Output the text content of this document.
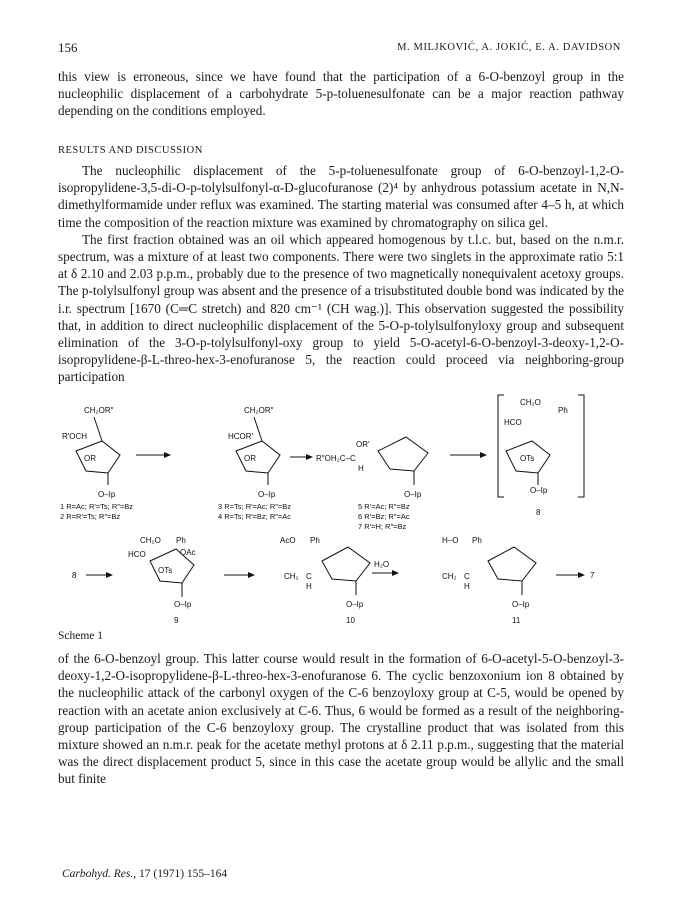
156	M. MILJKOVIĆ, A. JOKIĆ, E. A. DAVIDSON

this view is erroneous, since we have found that the participation of a 6-O-benzoyl group in the nucleophilic displacement of a carbohydrate 5-p-toluenesulfonate can be a major reaction pathway depending on the conditions employed.

RESULTS AND DISCUSSION

The nucleophilic displacement of the 5-p-toluenesulfonate group of 6-O-benzoyl-1,2-O-isopropylidene-3,5-di-O-p-tolylsulfonyl-α-D-glucofuranose (2)⁴ by anhydrous potassium acetate in N,N-dimethylformamide under reflux was examined. The starting material was consumed after 4–5 h, at which time the composition of the reaction mixture was examined by chromatography on silica gel.

The first fraction obtained was an oil which appeared homogenous by t.l.c. but, based on the n.m.r. spectrum, was a mixture of at least two components. There were two singlets in the approximate ratio 5:1 at δ 2.10 and 2.03 p.p.m., probably due to the presence of two magnetically nonequivalent acetoxy groups. The p-tolylsulfonyl group was absent and the presence of a trisubstituted double bond was indicated by the i.r. spectrum [1670 (C═C stretch) and 820 cm⁻¹ (CH wag.)]. This observation suggested the possibility that, in addition to direct nucleophilic displacement of the 5-O-p-tolylsulfonyloxy group and subsequent elimination of the 3-O-p-tolylsulfonyl-oxy group to yield 5-O-acetyl-6-O-benzoyl-3-deoxy-1,2-O-isopropylidene-β-L-threo-hex-3-enofuranose 5, the reaction could proceed via neighboring-group participation

CH₂OR″
R′OCH
OR
O–Ip
1 R=Ac; R′=Ts; R″=Bz
2 R=R′=Ts; R″=Bz
CH₂OR″
HCOR′
OR
O–Ip
3 R=Ts; R′=Ac; R″=Bz
4 R=Ts; R′=Bz; R″=Ac
R″OH₂C–C
OR′
H
O–Ip
5 R′=Ac; R″=Bz
6 R′=Bz; R″=Ac
7 R′=H; R″=Bz
CH₂O
Ph
HCO
OTs
O–Ip
8
8
CH₂O Ph
OAc
HCO
OTs
O–Ip
9
AcO Ph
CH₂ C
H
O–Ip
10
H₂O
H–O Ph
CH₂ C
H
O–Ip
11
7
Scheme 1

of the 6-O-benzoyl group. This latter course would result in the formation of 6-O-acetyl-5-O-benzoyl-3-deoxy-1,2-O-isopropylidene-β-L-threo-hex-3-enofuranose 6. The cyclic benzoxonium ion 8 obtained by the nucleophilic attack of the carbonyl oxygen of the C-6 benzoyloxy group at C-5, would be opened by reaction with an acetate anion exclusively at C-6. Thus, 6 would be formed as a result of the neighboring-group participation of the C-6 benzoyloxy group. The crystalline product that was isolated from this mixture showed an n.m.r. peak for the acetate methyl protons at δ 2.11 p.p.m., suggesting that the material was the direct displacement product 5, since in this case the acetate group would be allylic and the small but finite

Carbohyd. Res., 17 (1971) 155–164
